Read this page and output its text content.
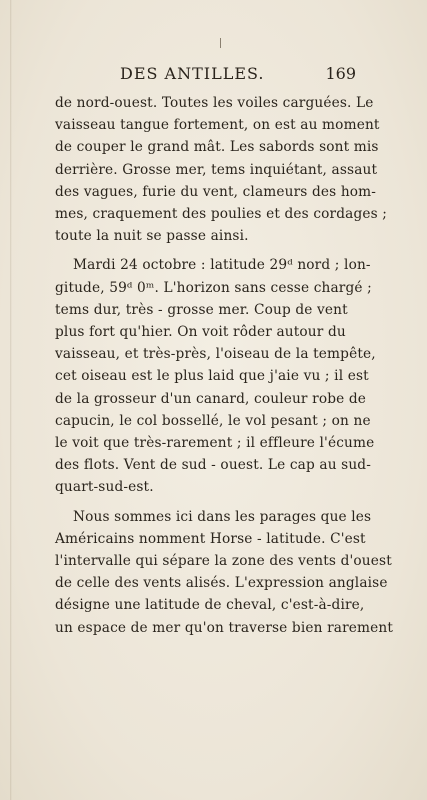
DES ANTILLES.	169
de nord-ouest. Toutes les voiles carguées. Le
vaisseau tangue fortement, on est au moment
de couper le grand mât. Les sabords sont mis
derrière. Grosse mer, tems inquiétant, assaut
des vagues, furie du vent, clameurs des hom-
mes, craquement des poulies et des cordages ;
toute la nuit se passe ainsi.
Mardi 24 octobre : latitude 29ᵈ nord ; lon-
gitude, 59ᵈ 0ᵐ. L'horizon sans cesse chargé ;
tems dur, très - grosse mer. Coup de vent
plus fort qu'hier. On voit rôder autour du
vaisseau, et très-près, l'oiseau de la tempête,
cet oiseau est le plus laid que j'aie vu ; il est
de la grosseur d'un canard, couleur robe de
capucin, le col bossellé, le vol pesant ; on ne
le voit que très-rarement ; il effleure l'écume
des flots. Vent de sud - ouest. Le cap au sud-
quart-sud-est.
Nous sommes ici dans les parages que les
Américains nomment Horse - latitude. C'est
l'intervalle qui sépare la zone des vents d'ouest
de celle des vents alisés. L'expression anglaise
désigne une latitude de cheval, c'est-à-dire,
un espace de mer qu'on traverse bien rarement
